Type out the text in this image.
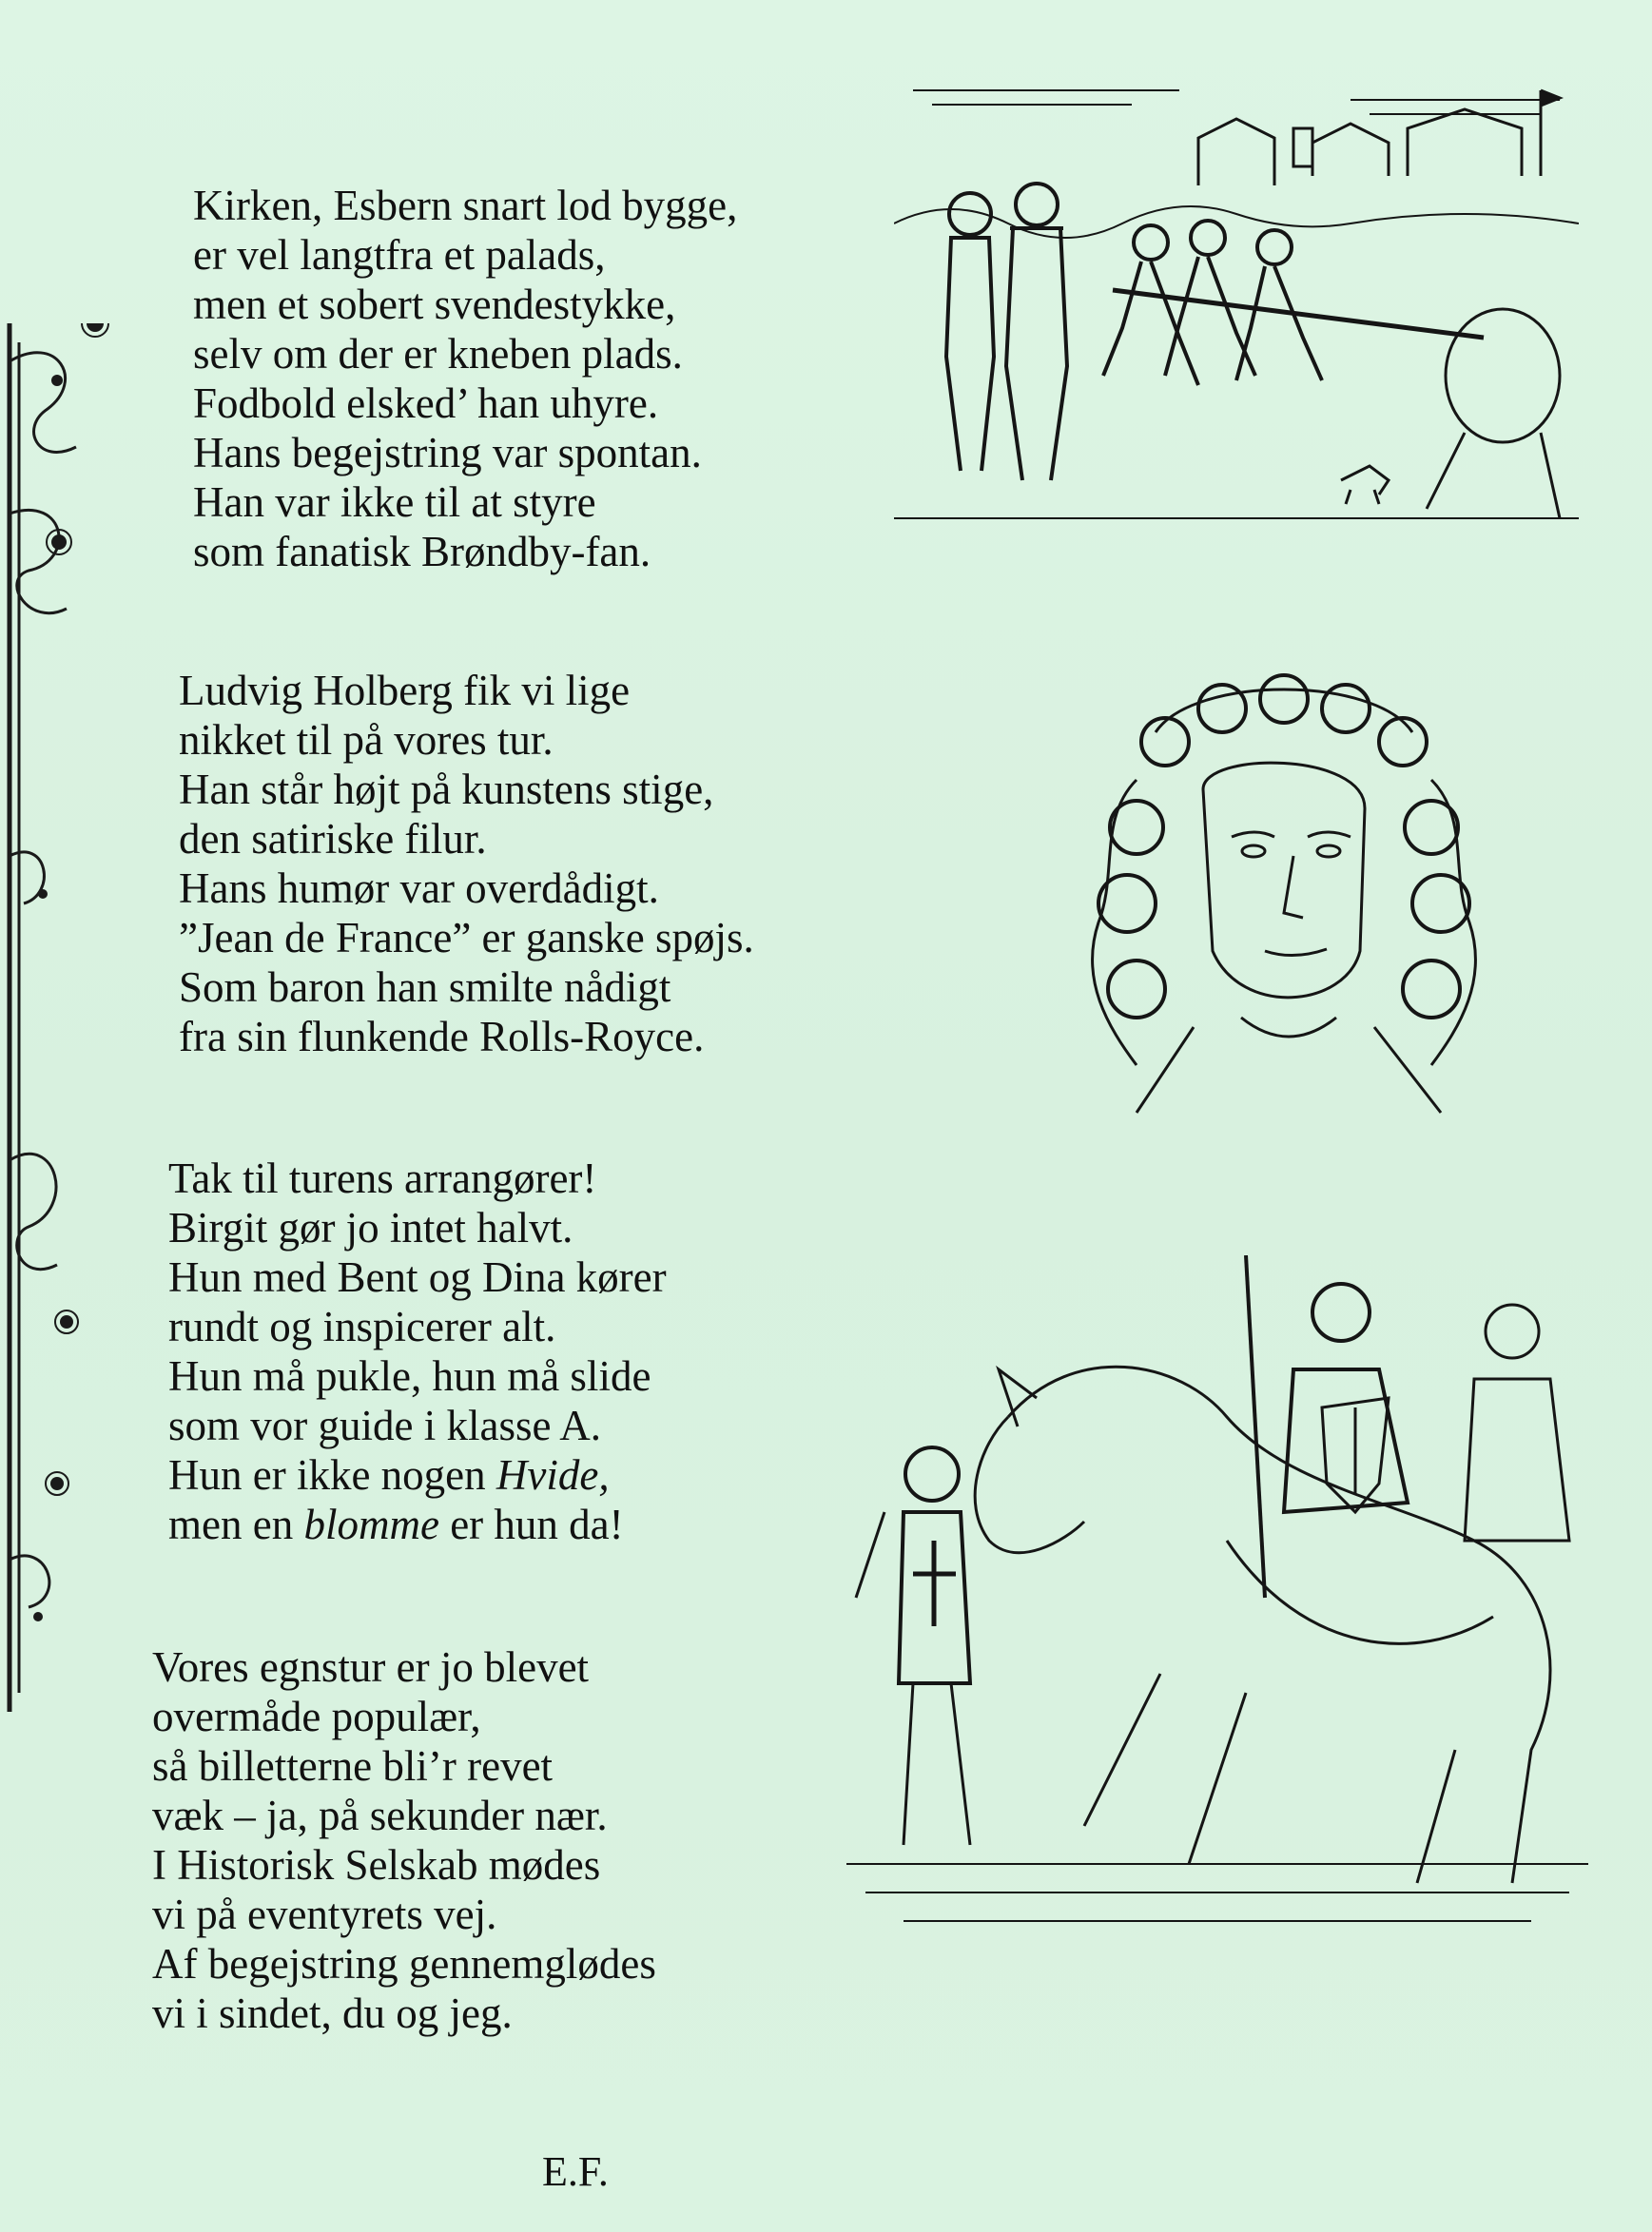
Kirken, Esbern snart lod bygge,
er vel langtfra et palads,
men et sobert svendestykke,
selv om der er kneben plads.
Fodbold elsked’ han uhyre.
Hans begejstring var spontan.
Han var ikke til at styre
som fanatisk Brøndby-fan.
Ludvig Holberg fik vi lige
nikket til på vores tur.
Han står højt på kunstens stige,
den satiriske filur.
Hans humør var overdådigt.
”Jean de France” er ganske spøjs.
Som baron han smilte nådigt
fra sin flunkende Rolls-Royce.
Tak til turens arrangører!
Birgit gør jo intet halvt.
Hun med Bent og Dina kører
rundt og inspicerer alt.
Hun må pukle, hun må slide
som vor guide i klasse A.
Hun er ikke nogen Hvide,
men en blomme er hun da!
Vores egnstur er jo blevet
overmåde populær,
så billetterne bli’r revet
væk – ja, på sekunder nær.
I Historisk Selskab mødes
vi på eventyrets vej.
Af begejstring gennemglødes
vi i sindet, du og jeg.
E.F.
